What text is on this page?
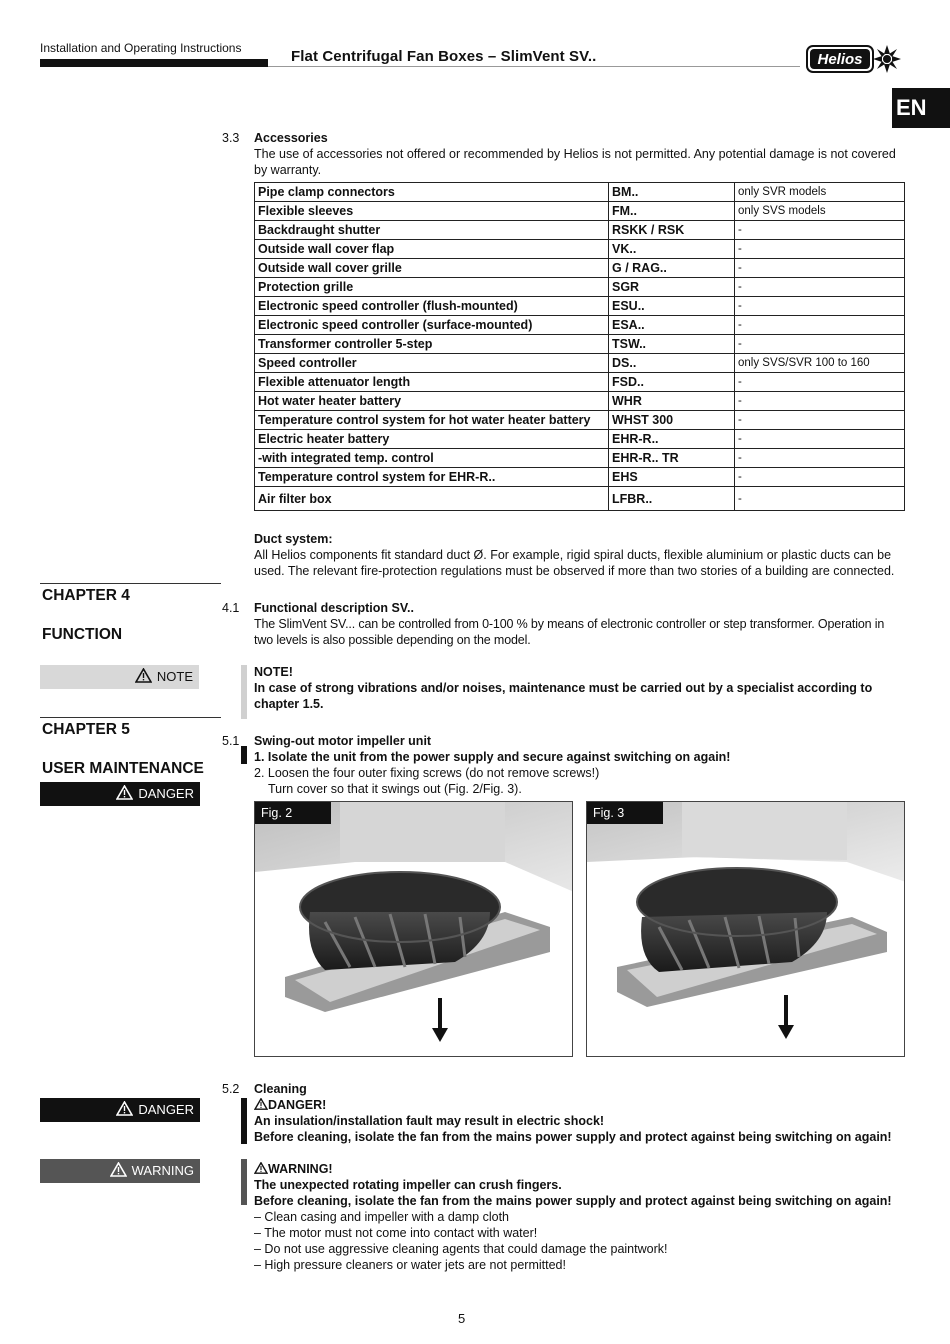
Installation and Operating Instructions	Flat Centrifugal Fan Boxes – SlimVent SV..	Helios
EN
3.3 Accessories
The use of accessories not offered or recommended by Helios is not permitted. Any potential damage is not covered by warranty.
Pipe clamp connectors	BM..	only SVR models
Flexible sleeves	FM..	only SVS models
Backdraught shutter	RSKK / RSK	-
Outside wall cover flap	VK..	-
Outside wall cover grille	G / RAG..	-
Protection grille	SGR	-
Electronic speed controller (flush-mounted)	ESU..	-
Electronic speed controller (surface-mounted)	ESA..	-
Transformer controller 5-step	TSW..	-
Speed controller	DS..	only SVS/SVR 100 to 160
Flexible attenuator length	FSD..	-
Hot water heater battery	WHR	-
Temperature control system for hot water heater battery	WHST 300	-
Electric heater battery	EHR-R..	-
-with integrated temp. control	EHR-R.. TR	-
Temperature control system for EHR-R..	EHS	-
Air filter box	LFBR..	-
Duct system:
All Helios components fit standard duct Ø. For example, rigid spiral ducts, flexible aluminium or plastic ducts can be used. The relevant fire-protection regulations must be observed if more than two stories of a building are connected.
CHAPTER 4
FUNCTION
4.1 Functional description SV..
The SlimVent SV... can be controlled from 0-100 % by means of electronic controller or step transformer. Operation in two levels is also possible depending on the model.
NOTE	NOTE!
In case of strong vibrations and/or noises, maintenance must be carried out by a specialist according to chapter 1.5.
CHAPTER 5
USER MAINTENANCE
DANGER
5.1 Swing-out motor impeller unit
1. Isolate the unit from the power supply and secure against switching on again!
2. Loosen the four outer fixing screws (do not remove screws!)
Turn cover so that it swings out (Fig. 2/Fig. 3).
Fig. 2	Fig. 3
5.2 Cleaning
DANGER	DANGER!
An insulation/installation fault may result in electric shock!
Before cleaning, isolate the fan from the mains power supply and protect against being switching on again!
WARNING	WARNING!
The unexpected rotating impeller can crush fingers.
Before cleaning, isolate the fan from the mains power supply and protect against being switching on again!
– Clean casing and impeller with a damp cloth
– The motor must not come into contact with water!
– Do not use aggressive cleaning agents that could damage the paintwork!
– High pressure cleaners or water jets are not permitted!
5
